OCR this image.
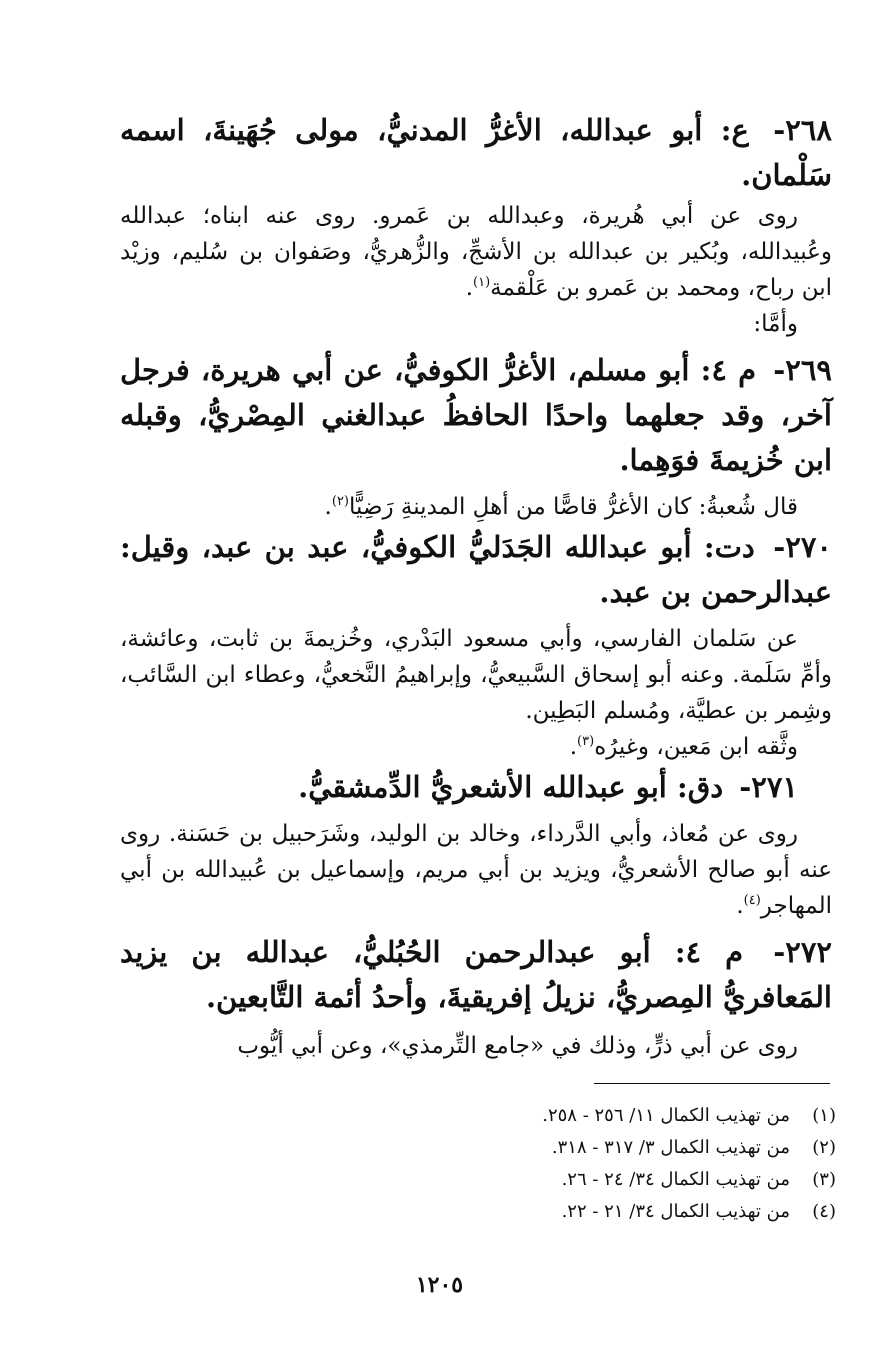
٢٦٨- ع: أبو عبدالله، الأغرُّ المدنيُّ، مولى جُهَينةَ، اسمه سَلْمان.

روى عن أبي هُريرة، وعبدالله بن عَمرو. روى عنه ابناه؛ عبدالله وعُبيدالله، وبُكير بن عبدالله بن الأشجِّ، والزُّهريُّ، وصَفوان بن سُليم، وزيْد ابن رباح، ومحمد بن عَمرو بن عَلْقمة$^{(١)}$.

وأمَّا:

٢٦٩- م ٤: أبو مسلم، الأغرُّ الكوفيُّ، عن أبي هريرة، فرجل آخر، وقد جعلهما واحدًا الحافظُ عبدالغني المِصْريُّ، وقبله ابن خُزيمةَ فوَهِما.

قال شُعبةُ: كان الأغرُّ قاصًّا من أهلِ المدينةِ رَضِيًّا$^{(٢)}$.

٢٧٠- دت: أبو عبدالله الجَدَليُّ الكوفيُّ، عبد بن عبد، وقيل: عبدالرحمن بن عبد.

عن سَلمان الفارسي، وأبي مسعود البَدْري، وخُزيمةَ بن ثابت، وعائشة، وأمِّ سَلَمة. وعنه أبو إسحاق السَّبيعيُّ، وإبراهيمُ النَّخعيُّ، وعطاء ابن السَّائب، وشِمر بن عطيَّة، ومُسلم البَطِين.

وثَّقه ابن مَعين، وغيرُه$^{(٣)}$.

٢٧١- دق: أبو عبدالله الأشعريُّ الدِّمشقيُّ.

روى عن مُعاذ، وأبي الدَّرداء، وخالد بن الوليد، وشَرَحبيل بن حَسَنة. روى عنه أبو صالح الأشعريُّ، ويزيد بن أبي مريم، وإسماعيل بن عُبيدالله بن أبي المهاجر$^{(٤)}$.

٢٧٢- م ٤: أبو عبدالرحمن الحُبُليُّ، عبدالله بن يزيد المَعافريُّ المِصريُّ، نزيلُ إفريقيةَ، وأحدُ أئمة التَّابعين.

روى عن أبي ذرٍّ، وذلك في «جامع التِّرمذي»، وعن أبي أيُّوب

(١)
من تهذيب الكمال ١١/ ٢٥٦ - ٢٥٨.
(٢)
من تهذيب الكمال ٣/ ٣١٧ - ٣١٨.
(٣)
من تهذيب الكمال ٣٤/ ٢٤ - ٢٦.
(٤)
من تهذيب الكمال ٣٤/ ٢١ - ٢٢.
١٢٠٥
